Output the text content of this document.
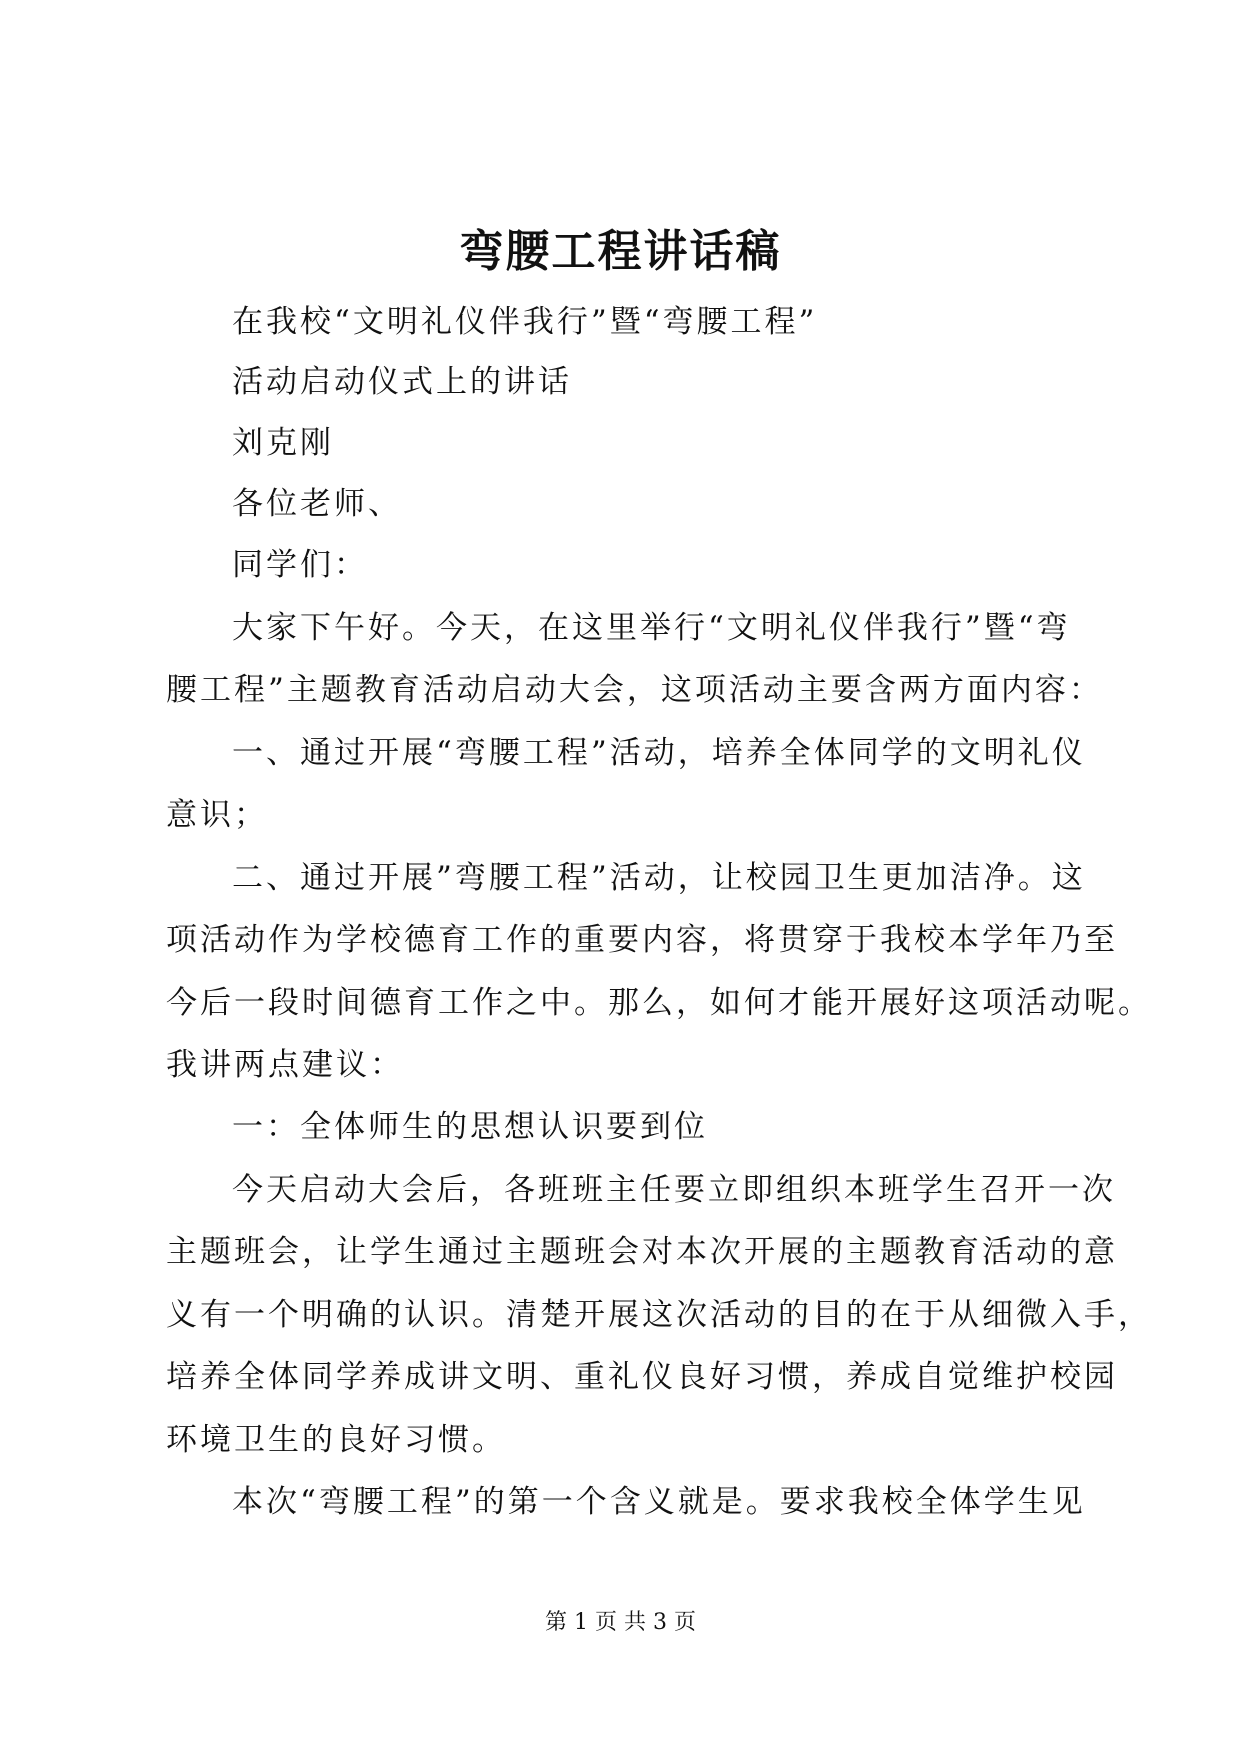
弯腰工程讲话稿
在我校“文明礼仪伴我行”暨“弯腰工程”
活动启动仪式上的讲话
刘克刚
各位老师、
同学们：
大家下午好。今天，在这里举行“文明礼仪伴我行”暨“弯
腰工程”主题教育活动启动大会，这项活动主要含两方面内容：
一、通过开展“弯腰工程”活动，培养全体同学的文明礼仪
意识；
二、通过开展”弯腰工程”活动，让校园卫生更加洁净。这
项活动作为学校德育工作的重要内容，将贯穿于我校本学年乃至
今后一段时间德育工作之中。那么，如何才能开展好这项活动呢。
我讲两点建议：
一：全体师生的思想认识要到位
今天启动大会后，各班班主任要立即组织本班学生召开一次
主题班会，让学生通过主题班会对本次开展的主题教育活动的意
义有一个明确的认识。清楚开展这次活动的目的在于从细微入手，
培养全体同学养成讲文明、重礼仪良好习惯，养成自觉维护校园
环境卫生的良好习惯。
本次“弯腰工程”的第一个含义就是。要求我校全体学生见
第 1 页 共 3 页
